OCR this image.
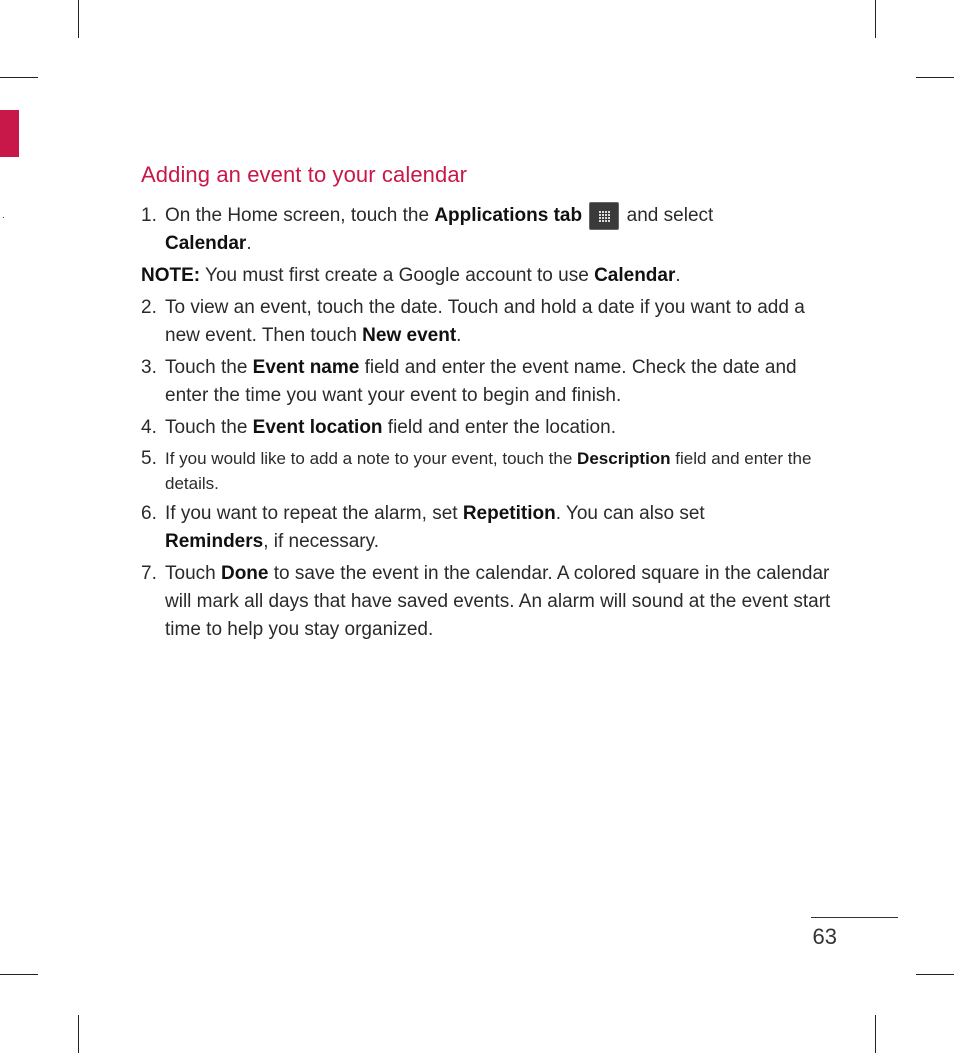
.
Adding an event to your calendar
1. On the Home screen, touch the Applications tab and select
Calendar.
NOTE: You must first create a Google account to use Calendar.
2. To view an event, touch the date. Touch and hold a date if you want to add a new event. Then touch New event.
3. Touch the Event name field and enter the event name. Check the date and enter the time you want your event to begin and finish.
4. Touch the Event location field and enter the location.
5. If you would like to add a note to your event, touch the Description field and enter the details.
6. If you want to repeat the alarm, set Repetition. You can also set
Reminders, if necessary.
7. Touch Done to save the event in the calendar. A colored square in the calendar will mark all days that have saved events. An alarm will sound at the event start time to help you stay organized.
63
